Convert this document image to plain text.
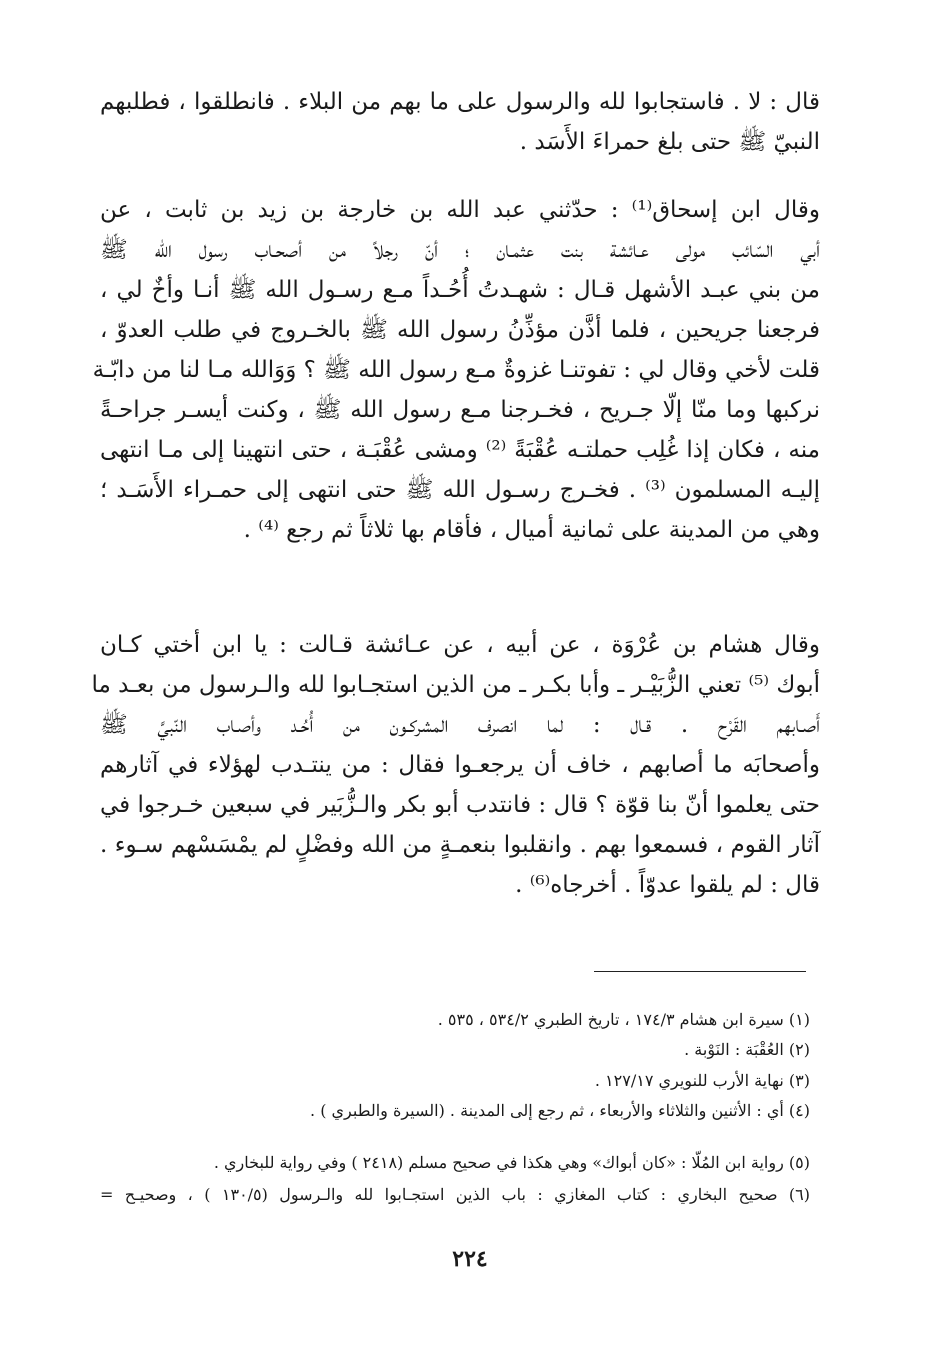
قال : لا . فاستجابوا لله والرسول على ما بهم من البلاء . فانطلقوا ، فطلبهم
النبيّ ﷺ حتى بلغ حمراءَ الأَسَد .
وقال ابن إسحاق⁽¹⁾ : حدّثني عبد الله بن خارجة بن زيد بن ثابت ، عن
أبي السّائب مولى عـائشة بنت عثمـان ؛ أنّ رجلاً من أصحـاب رسول الله ﷺ
من بني عبـد الأشهل قـال : شهـدتُ أُحُـداً مـع رسـول الله ﷺ أنـا وأخٌ لي ،
فرجعنا جريحين ، فلما أذَّن مؤذِّنُ رسول الله ﷺ بالخـروج في طلب العدوّ ،
قلت لأخي وقال لي : تفوتنـا غزوةٌ مـع رسول الله ﷺ ؟ وَوَالله مـا لنا من دابّـة
نركبها وما منّا إلّا جـريح ، فخـرجنا مـع رسول الله ﷺ ، وكنت أيسـر جراحـةً
منه ، فكان إذا غُلِب حملتـه عُقْبَةً ⁽²⁾ ومشى عُقْبَـة ، حتى انتهينا إلى مـا انتهى
إليـه المسلمون ⁽³⁾ . فخـرج رسـول الله ﷺ حتى انتهى إلى حمـراء الأَسَـد ؛
وهي من المدينة على ثمانية أميال ، فأقام بها ثلاثاً ثم رجع ⁽⁴⁾ .
وقال هشام بن عُرْوَة ، عن أبيه ، عن عـائشة قـالت : يا ابن أختي كـان
أبوك ⁽⁵⁾ تعني الزُّبَيْـر ـ وأبا بكـر ـ من الذين استجـابوا لله والـرسول من بعـد ما
أَصـابهم القَرْح . قـال : لما انصرف المشركـون من أُحُـد وأصـاب النّبيَّ ﷺ
وأصحابَه ما أصابهم ، خاف أن يرجعـوا فقال : من ينتـدب لهؤلاء في آثارهم
حتى يعلموا أنّ بنا قوّة ؟ قال : فانتدب أبو بكر والـزُّبَير في سبعين خـرجوا في
آثار القوم ، فسمعوا بهم . وانقلبوا بنعمـةٍ من الله وفضْلٍ لم يمْسَسْهم سـوء .
قال : لم يلقوا عدوّاً . أخرجاه⁽⁶⁾ .
(١) سيرة ابن هشام ١٧٤/٣ ، تاريخ الطبري ٥٣٤/٢ ، ٥٣٥ .
(٢) العُقْبَة : النَوْبة .
(٣) نهاية الأرب للنويري ١٢٧/١٧ .
(٤) أي : الأثنين والثلاثاء والأربعاء ، ثم رجع إلى المدينة . (السيرة والطبري ) .
(٥) رواية ابن المُلّا : «كان أبواك» وهي هكذا في صحيح مسلم (٢٤١٨ ) وفي رواية للبخاري .
(٦) صحيح البخاري : كتاب المغازي : باب الذين استجـابوا لله والـرسول (١٣٠/٥ ) ، وصحيـح =
٢٢٤
